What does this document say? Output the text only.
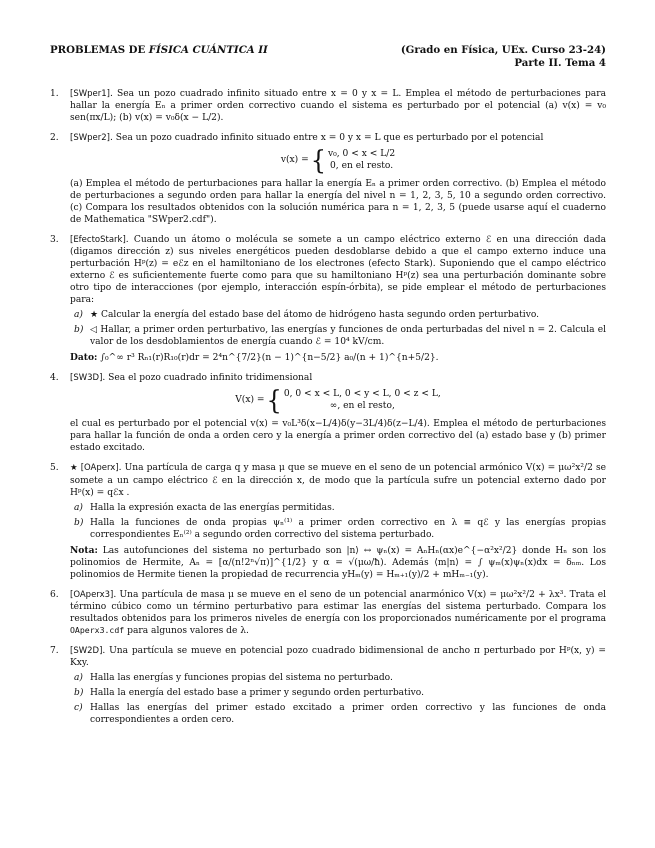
PROBLEMAS DE FÍSICA CUÁNTICA II	(Grado en Física, UEx. Curso 23-24)
Parte II. Tema 4
1. [SWper1]. Sea un pozo cuadrado infinito situado entre x = 0 y x = L. Emplea el método de perturbaciones para hallar la energía Eₙ a primer orden correctivo cuando el sistema es perturbado por el potencial (a) v(x) = v₀ sen(πx/L); (b) v(x) = v₀δ(x − L/2).
2. [SWper2]. Sea un pozo cuadrado infinito situado entre x = 0 y x = L que es perturbado por el potencial
v(x) = { v₀, 0 < x < L/2
0, en el resto.
(a) Emplea el método de perturbaciones para hallar la energía Eₙ a primer orden correctivo. (b) Emplea el método de perturbaciones a segundo orden para hallar la energía del nivel n = 1, 2, 3, 5, 10 a segundo orden correctivo. (c) Compara los resultados obtenidos con la solución numérica para n = 1, 2, 3, 5 (puede usarse aquí el cuaderno de Mathematica "SWper2.cdf").
3. [EfectoStark]. Cuando un átomo o molécula se somete a un campo eléctrico externo ℰ en una dirección dada (digamos dirección z) sus niveles energéticos pueden desdoblarse debido a que el campo externo induce una perturbación Hᵖ(z) = eℰz en el hamiltoniano de los electrones (efecto Stark). Suponiendo que el campo eléctrico externo ℰ es suficientemente fuerte como para que su hamiltoniano Hᵖ(z) sea una perturbación dominante sobre otro tipo de interacciones (por ejemplo, interacción espín-órbita), se pide emplear el método de perturbaciones para:
a) ★ Calcular la energía del estado base del átomo de hidrógeno hasta segundo orden perturbativo.
b) ◁ Hallar, a primer orden perturbativo, las energías y funciones de onda perturbadas del nivel n = 2. Calcula el valor de los desdoblamientos de energía cuando ℰ = 10⁴ kV/cm.
Dato: ∫₀^∞ r³ Rₙ₁(r)R₁₀(r)dr = 2⁴n^{7/2}(n − 1)^{n−5/2} a₀/(n + 1)^{n+5/2}.
4. [SW3D]. Sea el pozo cuadrado infinito tridimensional
V(x) = { 0, 0 < x < L, 0 < y < L, 0 < z < L,
∞, en el resto,
el cual es perturbado por el potencial v(x) = v₀L³δ(x−L/4)δ(y−3L/4)δ(z−L/4). Emplea el método de perturbaciones para hallar la función de onda a orden cero y la energía a primer orden correctivo del (a) estado base y (b) primer estado excitado.
5. ★ [OAperx]. Una partícula de carga q y masa μ que se mueve en el seno de un potencial armónico V(x) = μω²x²/2 se somete a un campo eléctrico ℰ en la dirección x, de modo que la partícula sufre un potencial externo dado por Hᵖ(x) = qℰx .
a) Halla la expresión exacta de las energías permitidas.
b) Halla la funciones de onda propias ψₙ⁽¹⁾ a primer orden correctivo en λ ≡ qℰ y las energías propias correspondientes Eₙ⁽²⁾ a segundo orden correctivo del sistema perturbado.
Nota: Las autofunciones del sistema no perturbado son |n⟩ ↔ ψₙ(x) = AₙHₙ(αx)e^{−α²x²/2} donde Hₙ son los polinomios de Hermite, Aₙ = [α/(n!2ⁿ√π)]^{1/2} y α = √(μω/ħ). Además ⟨m|n⟩ = ∫ ψₘ(x)ψₙ(x)dx = δₙₘ. Los polinomios de Hermite tienen la propiedad de recurrencia yHₘ(y) = Hₘ₊₁(y)/2 + mHₘ₋₁(y).
6. [OAperx3]. Una partícula de masa μ se mueve en el seno de un potencial anarmónico V(x) = μω²x²/2 + λx³. Trata el término cúbico como un término perturbativo para estimar las energías del sistema perturbado. Compara los resultados obtenidos para los primeros niveles de energía con los proporcionados numéricamente por el programa OAperx3.cdf para algunos valores de λ.
7. [SW2D]. Una partícula se mueve en potencial pozo cuadrado bidimensional de ancho π perturbado por Hᵖ(x, y) = Kxy.
a) Halla las energías y funciones propias del sistema no perturbado.
b) Halla la energía del estado base a primer y segundo orden perturbativo.
c) Hallas las energías del primer estado excitado a primer orden correctivo y las funciones de onda correspondientes a orden cero.
